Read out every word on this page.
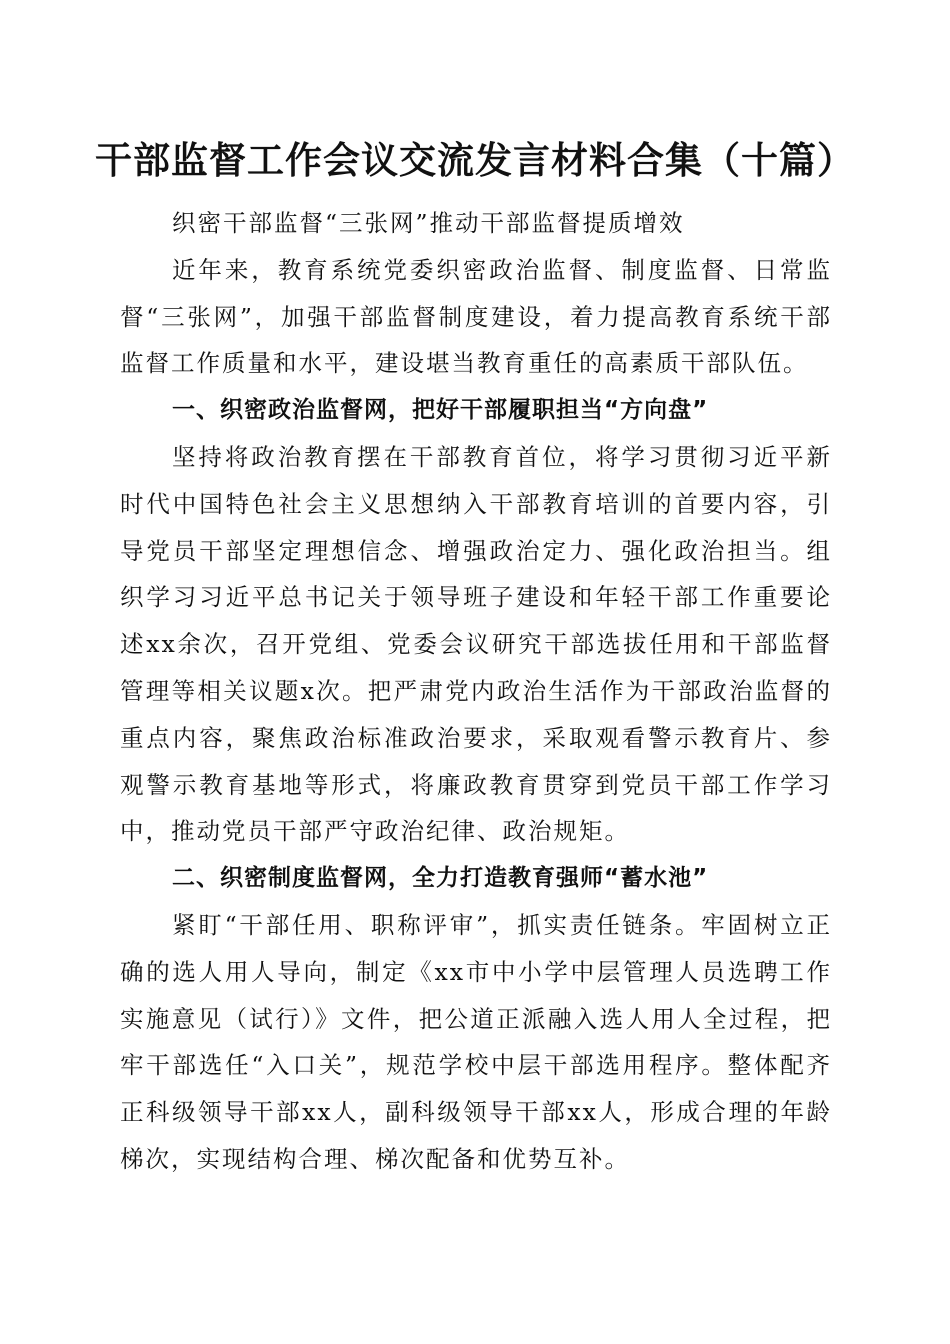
干部监督工作会议交流发言材料合集（十篇）

织密干部监督“三张网”推动干部监督提质增效

近年来，教育系统党委织密政治监督、制度监督、日常监督“三张网”，加强干部监督制度建设，着力提高教育系统干部监督工作质量和水平，建设堪当教育重任的高素质干部队伍。

一、织密政治监督网，把好干部履职担当“方向盘”

坚持将政治教育摆在干部教育首位，将学习贯彻习近平新时代中国特色社会主义思想纳入干部教育培训的首要内容，引导党员干部坚定理想信念、增强政治定力、强化政治担当。组织学习习近平总书记关于领导班子建设和年轻干部工作重要论述xx余次，召开党组、党委会议研究干部选拔任用和干部监督管理等相关议题x次。把严肃党内政治生活作为干部政治监督的重点内容，聚焦政治标准政治要求，采取观看警示教育片、参观警示教育基地等形式，将廉政教育贯穿到党员干部工作学习中，推动党员干部严守政治纪律、政治规矩。

二、织密制度监督网，全力打造教育强师“蓄水池”

紧盯“干部任用、职称评审”，抓实责任链条。牢固树立正确的选人用人导向，制定《xx市中小学中层管理人员选聘工作实施意见（试行）》文件，把公道正派融入选人用人全过程，把牢干部选任“入口关”，规范学校中层干部选用程序。整体配齐正科级领导干部xx人，副科级领导干部xx人，形成合理的年龄梯次，实现结构合理、梯次配备和优势互补。
